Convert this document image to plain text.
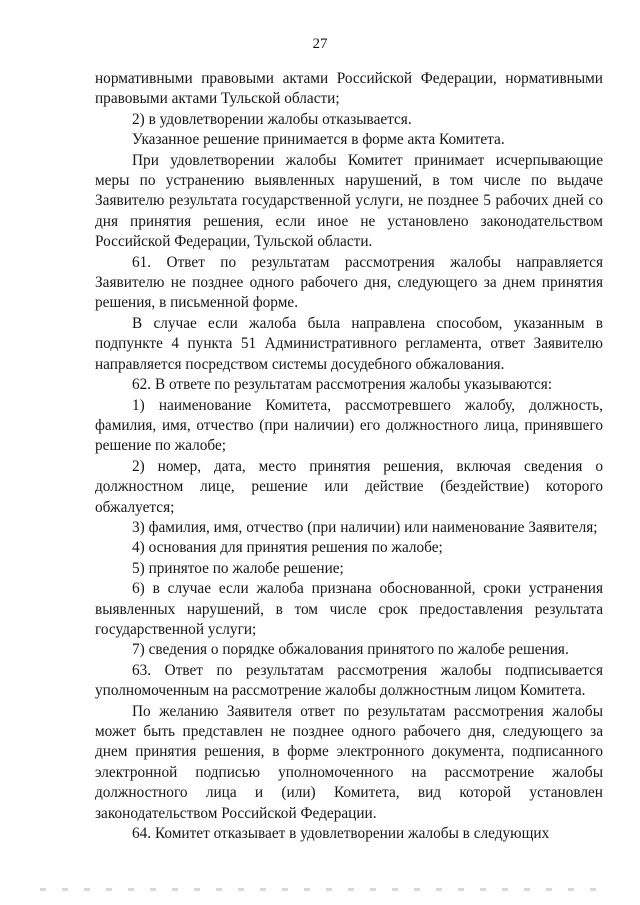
27

нормативными правовыми актами Российской Федерации, нормативными правовыми актами Тульской области;

2) в удовлетворении жалобы отказывается.

Указанное решение принимается в форме акта Комитета.

При удовлетворении жалобы Комитет принимает исчерпывающие меры по устранению выявленных нарушений, в том числе по выдаче Заявителю результата государственной услуги, не позднее 5 рабочих дней со дня принятия решения, если иное не установлено законодательством Российской Федерации, Тульской области.

61. Ответ по результатам рассмотрения жалобы направляется Заявителю не позднее одного рабочего дня, следующего за днем принятия решения, в письменной форме.

В случае если жалоба была направлена способом, указанным в подпункте 4 пункта 51 Административного регламента, ответ Заявителю направляется посредством системы досудебного обжалования.

62. В ответе по результатам рассмотрения жалобы указываются:

1) наименование Комитета, рассмотревшего жалобу, должность, фамилия, имя, отчество (при наличии) его должностного лица, принявшего решение по жалобе;

2) номер, дата, место принятия решения, включая сведения о должностном лице, решение или действие (бездействие) которого обжалуется;

3) фамилия, имя, отчество (при наличии) или наименование Заявителя;

4) основания для принятия решения по жалобе;

5) принятое по жалобе решение;

6) в случае если жалоба признана обоснованной, сроки устранения выявленных нарушений, в том числе срок предоставления результата государственной услуги;

7) сведения о порядке обжалования принятого по жалобе решения.

63. Ответ по результатам рассмотрения жалобы подписывается уполномоченным на рассмотрение жалобы должностным лицом Комитета.

По желанию Заявителя ответ по результатам рассмотрения жалобы может быть представлен не позднее одного рабочего дня, следующего за днем принятия решения, в форме электронного документа, подписанного электронной подписью уполномоченного на рассмотрение жалобы должностного лица и (или) Комитета, вид которой установлен законодательством Российской Федерации.

64. Комитет отказывает в удовлетворении жалобы в следующих
